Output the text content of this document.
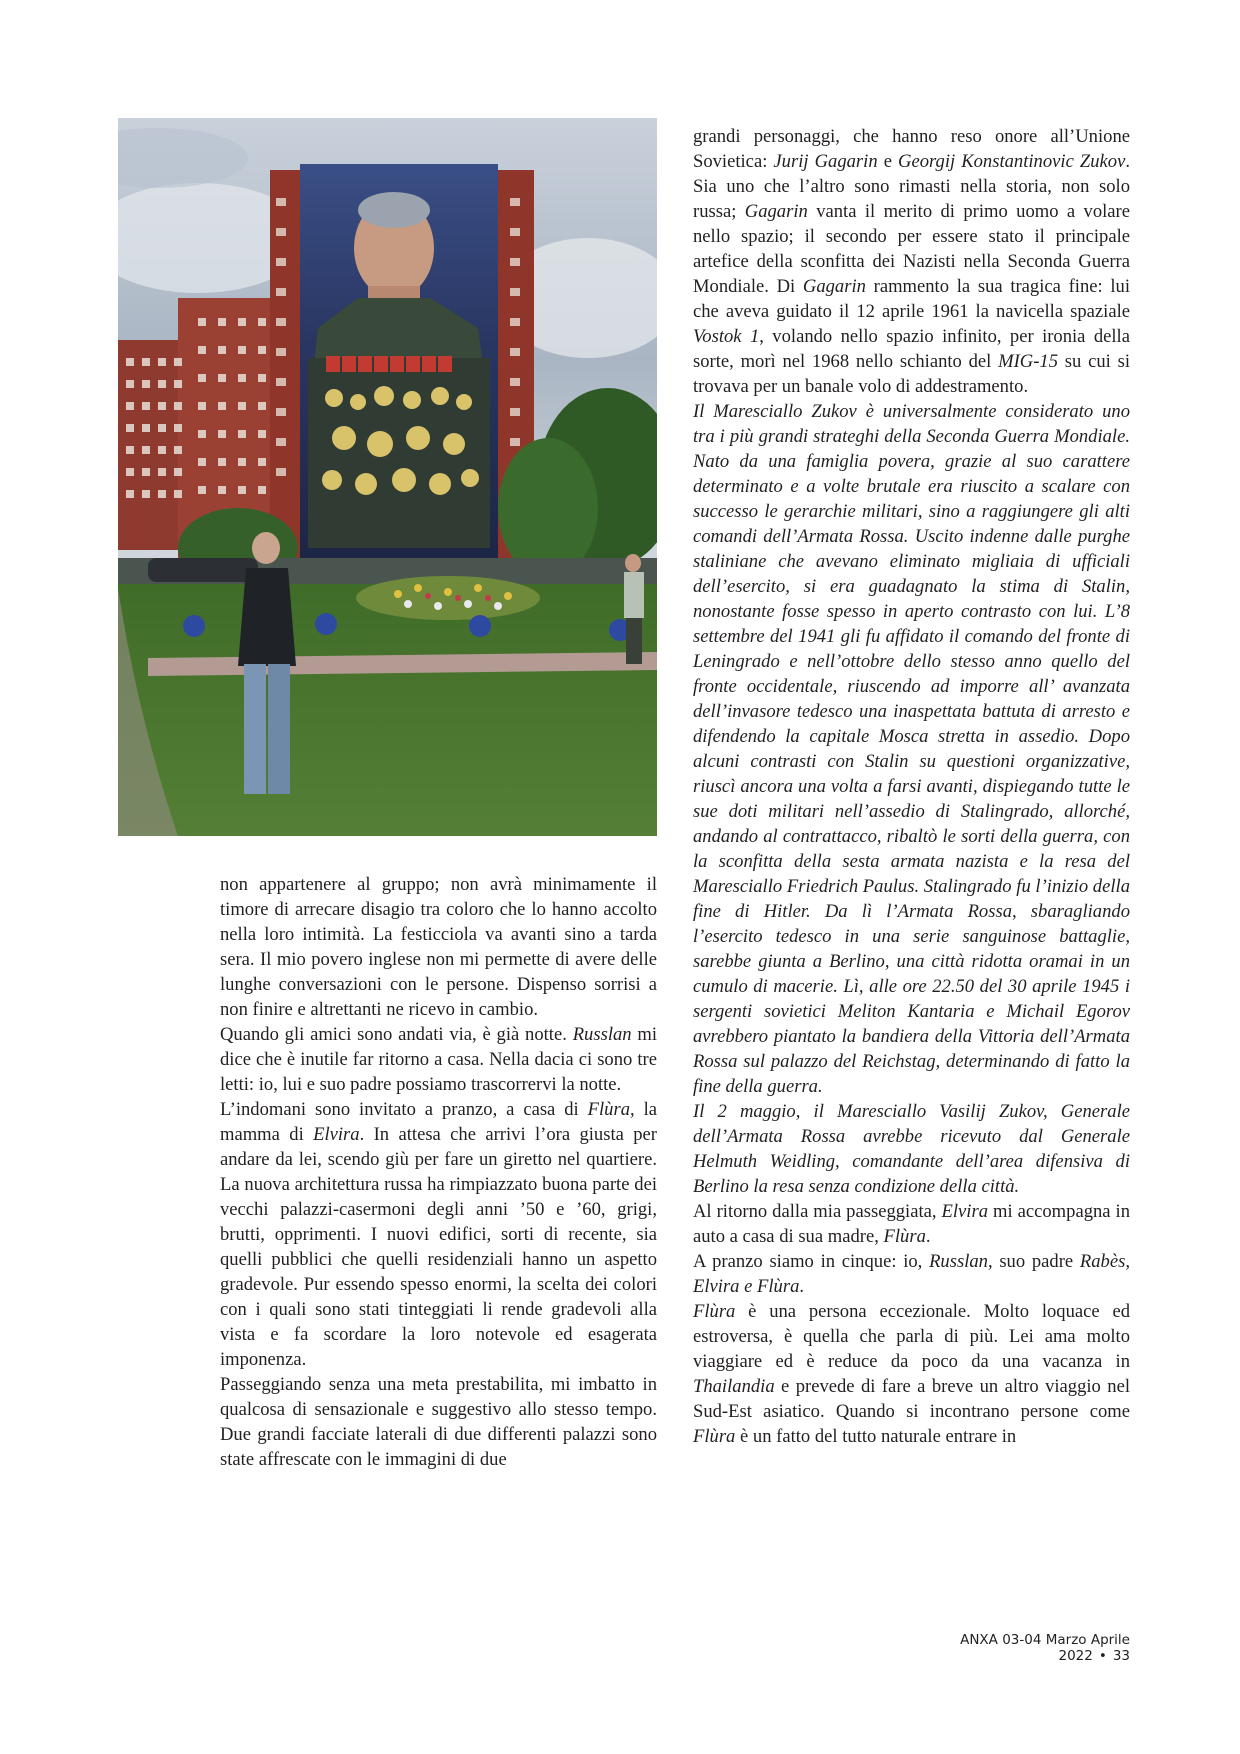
non appartenere al gruppo; non avrà minimamente il timore di arrecare disagio tra coloro che lo hanno accolto nella loro intimità. La festicciola va avanti sino a tarda sera. Il mio povero inglese non mi permette di avere delle lunghe conversazioni con le persone. Dispenso sorrisi a non finire e altrettanti ne ricevo in cambio.

Quando gli amici sono andati via, è già notte. Russlan mi dice che è inutile far ritorno a casa. Nella dacia ci sono tre letti: io, lui e suo padre possiamo trascorrervi la notte.

L’indomani sono invitato a pranzo, a casa di Flùra, la mamma di Elvira. In attesa che arrivi l’ora giusta per andare da lei, scendo giù per fare un giretto nel quartiere. La nuova architettura russa ha rimpiazzato buona parte dei vecchi palazzi-casermoni degli anni ’50 e ’60, grigi, brutti, opprimenti. I nuovi edifici, sorti di recente, sia quelli pubblici che quelli residenziali hanno un aspetto gradevole. Pur essendo spesso enormi, la scelta dei colori con i quali sono stati tinteggiati li rende gradevoli alla vista e fa scordare la loro notevole ed esagerata imponenza.

Passeggiando senza una meta prestabilita, mi imbatto in qualcosa di sensazionale e suggestivo allo stesso tempo. Due grandi facciate laterali di due differenti palazzi sono state affrescate con le immagini di due

grandi personaggi, che hanno reso onore all’Unione Sovietica: Jurij Gagarin e Georgij Konstantinovic Zukov. Sia uno che l’altro sono rimasti nella storia, non solo russa; Gagarin vanta il merito di primo uomo a volare nello spazio; il secondo per essere stato il principale artefice della sconfitta dei Nazisti nella Seconda Guerra Mondiale. Di Gagarin rammento la sua tragica fine: lui che aveva guidato il 12 aprile 1961 la navicella spaziale Vostok 1, volando nello spazio infinito, per ironia della sorte, morì nel 1968 nello schianto del MIG-15 su cui si trovava per un banale volo di addestramento.

Il Maresciallo Zukov è universalmente considerato uno tra i più grandi strateghi della Seconda Guerra Mondiale. Nato da una famiglia povera, grazie al suo carattere determinato e a volte brutale era riuscito a scalare con successo le gerarchie militari, sino a raggiungere gli alti comandi dell’Armata Rossa. Uscito indenne dalle purghe staliniane che avevano eliminato migliaia di ufficiali dell’esercito, si era guadagnato la stima di Stalin, nonostante fosse spesso in aperto contrasto con lui. L’8 settembre del 1941 gli fu affidato il comando del fronte di Leningrado e nell’ottobre dello stesso anno quello del fronte occidentale, riuscendo ad imporre all’ avanzata dell’invasore tedesco una inaspettata battuta di arresto e difendendo la capitale Mosca stretta in assedio. Dopo alcuni contrasti con Stalin su questioni organizzative, riuscì ancora una volta a farsi avanti, dispiegando tutte le sue doti militari nell’assedio di Stalingrado, allorché, andando al contrattacco, ribaltò le sorti della guerra, con la sconfitta della sesta armata nazista e la resa del Maresciallo Friedrich Paulus. Stalingrado fu l’inizio della fine di Hitler. Da lì l’Armata Rossa, sbaragliando l’esercito tedesco in una serie sanguinose battaglie, sarebbe giunta a Berlino, una città ridotta oramai in un cumulo di macerie. Lì, alle ore 22.50 del 30 aprile 1945 i sergenti sovietici Meliton Kantaria e Michail Egorov avrebbero piantato la bandiera della Vittoria dell’Armata Rossa sul palazzo del Reichstag, determinando di fatto la fine della guerra.

Il 2 maggio, il Maresciallo Vasilij Zukov, Generale dell’Armata Rossa avrebbe ricevuto dal Generale Helmuth Weidling, comandante dell’area difensiva di Berlino la resa senza condizione della città.

Al ritorno dalla mia passeggiata, Elvira mi accompagna in auto a casa di sua madre, Flùra.

A pranzo siamo in cinque: io, Russlan, suo padre Rabès, Elvira e Flùra.

Flùra è una persona eccezionale. Molto loquace ed estroversa, è quella che parla di più. Lei ama molto viaggiare ed è reduce da poco da una vacanza in Thailandia e prevede di fare a breve un altro viaggio nel Sud-Est asiatico. Quando si incontrano persone come Flùra è un fatto del tutto naturale entrare in

ANXA 03-04 Marzo Aprile 2022 • 33
